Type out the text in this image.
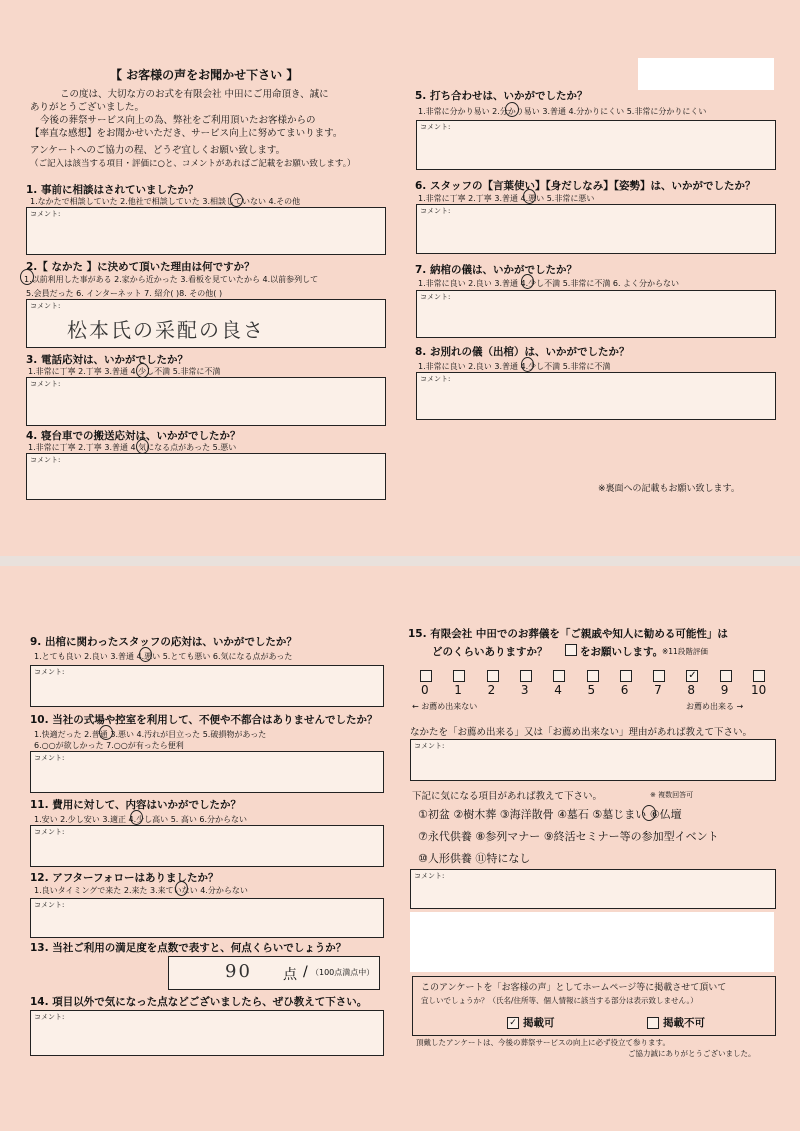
【 お客様の声をお聞かせ下さい 】
この度は、大切な方のお式を有限会社 中田にご用命頂き、誠に
ありがとうございました。
今後の葬祭サービス向上の為、弊社をご利用頂いたお客様からの
【率直な感想】をお聞かせいただき、サービス向上に努めてまいります。
アンケートへのご協力の程、どうぞ宜しくお願い致します。
（ご記入は該当する項目・評価に○と、コメントがあればご記載をお願い致します。）
1. 事前に相談はされていましたか？
1.なかたで相談していた 2.他社で相談していた 3.相談していない 4.その他
コメント:
2.【 なかた 】に決めて頂いた理由は何ですか？
1.以前利用した事がある 2.家から近かった 3.看板を見ていたから 4.以前参列して
5.会員だった 6. インターネット 7. 紹介( )8. その他( )
コメント:
松本氏の采配の良さ
3. 電話応対は、いかがでしたか？
1.非常に丁寧 2.丁寧 3.普通 4.少し不満 5.非常に不満
コメント:
4. 寝台車での搬送応対は、いかがでしたか？
1.非常に丁寧 2.丁寧 3.普通 4.気になる点があった 5.悪い
コメント:
5. 打ち合わせは、いかがでしたか？
1.非常に分かり易い 2.分かり易い 3.普通 4.分かりにくい 5.非常に分かりにくい
コメント:
6. スタッフの【言葉使い】【身だしなみ】【姿勢】は、いかがでしたか？
1.非常に丁寧 2.丁寧 3.普通 4.悪い 5.非常に悪い
コメント:
7. 納棺の儀は、いかがでしたか？
1.非常に良い 2.良い 3.普通 4.少し不満 5.非常に不満 6. よく分からない
コメント:
8. お別れの儀（出棺）は、いかがでしたか？
1.非常に良い 2.良い 3.普通 4.少し不満 5.非常に不満
コメント:
※裏面への記載もお願い致します。
9. 出棺に関わったスタッフの応対は、いかがでしたか？
1.とても良い 2.良い 3.普通 4.悪い 5.とても悪い 6.気になる点があった
コメント:
10. 当社の式場や控室を利用して、不便や不都合はありませんでしたか？
1.快適だった 2.普通 3.悪い 4.汚れが目立った 5.破損物があった
6.○○が欲しかった 7.○○が有ったら便利
コメント:
11. 費用に対して、内容はいかがでしたか？
1.安い 2.少し安い 3.適正 4.少し高い 5. 高い 6.分からない
コメント:
12. アフターフォローはありましたか？
1.良いタイミングで来た 2.来た 3.来ていない 4.分からない
コメント:
13. 当社ご利用の満足度を点数で表すと、何点くらいでしょうか？
90 点 / （100点満点中）
14. 項目以外で気になった点などございましたら、ぜひ教えて下さい。
コメント:
15. 有限会社 中田でのお葬儀を「ご親戚や知人に勧める可能性」は
どのくらいありますか？	をお願いします。
※11段階評価
0 1 2 3 4 5 6 7
✓
8 9 10
← お薦め出来ない	お薦め出来る →
なかたを「お薦め出来る」又は「お薦め出来ない」理由があれば教えて下さい。
コメント:
下記に気になる項目があれば教えて下さい。	※ 複数回答可
①初盆 ②樹木葬 ③海洋散骨 ④墓石 ⑤墓じまい ⑥仏壇
⑦永代供養 ⑧参列マナー ⑨終活セミナー等の参加型イベント
⑩人形供養 ⑪特になし
コメント:
このアンケートを「お客様の声」としてホームページ等に掲載させて頂いて
宜しいでしょうか？（氏名/住所等、個人情報に該当する部分は表示致しません。）
✓ 掲載可	掲載不可
頂戴したアンケートは、今後の葬祭サービスの向上に必ず役立て参ります。
ご協力誠にありがとうございました。
